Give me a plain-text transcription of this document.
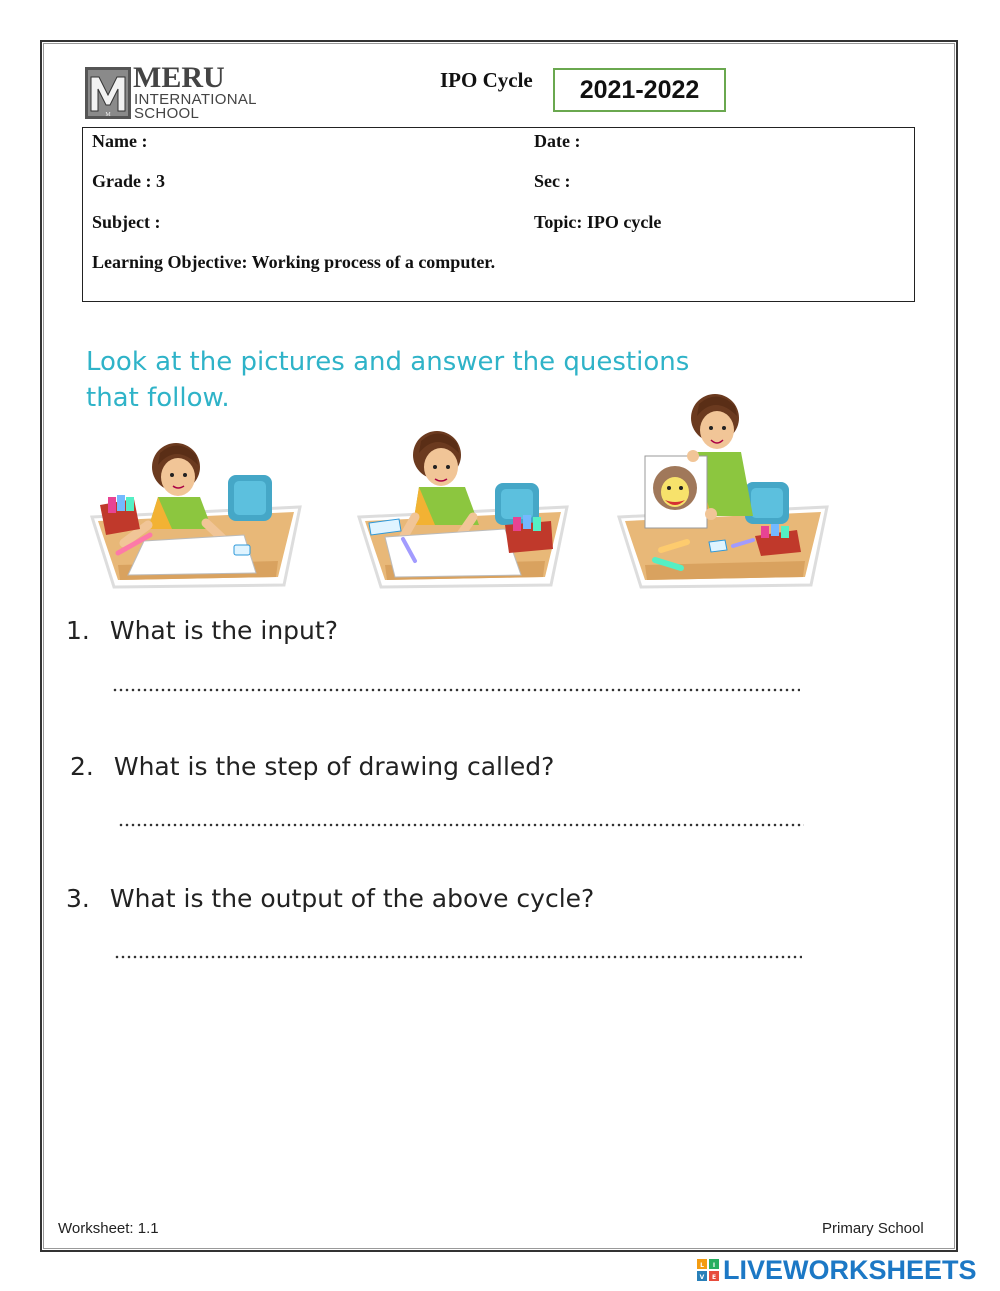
M
MERU
INTERNATIONAL
SCHOOL
IPO Cycle	2021-2022
Name :	Date :
Grade : 3	Sec :
Subject :	Topic: IPO cycle
Learning Objective: Working process of a computer.
Look at the pictures and answer the questions
that follow.
1. What is the input?
2. What is the step of drawing called?
3. What is the output of the above cycle?
Worksheet: 1.1	Primary School
L I
V E LIVEWORKSHEETS
